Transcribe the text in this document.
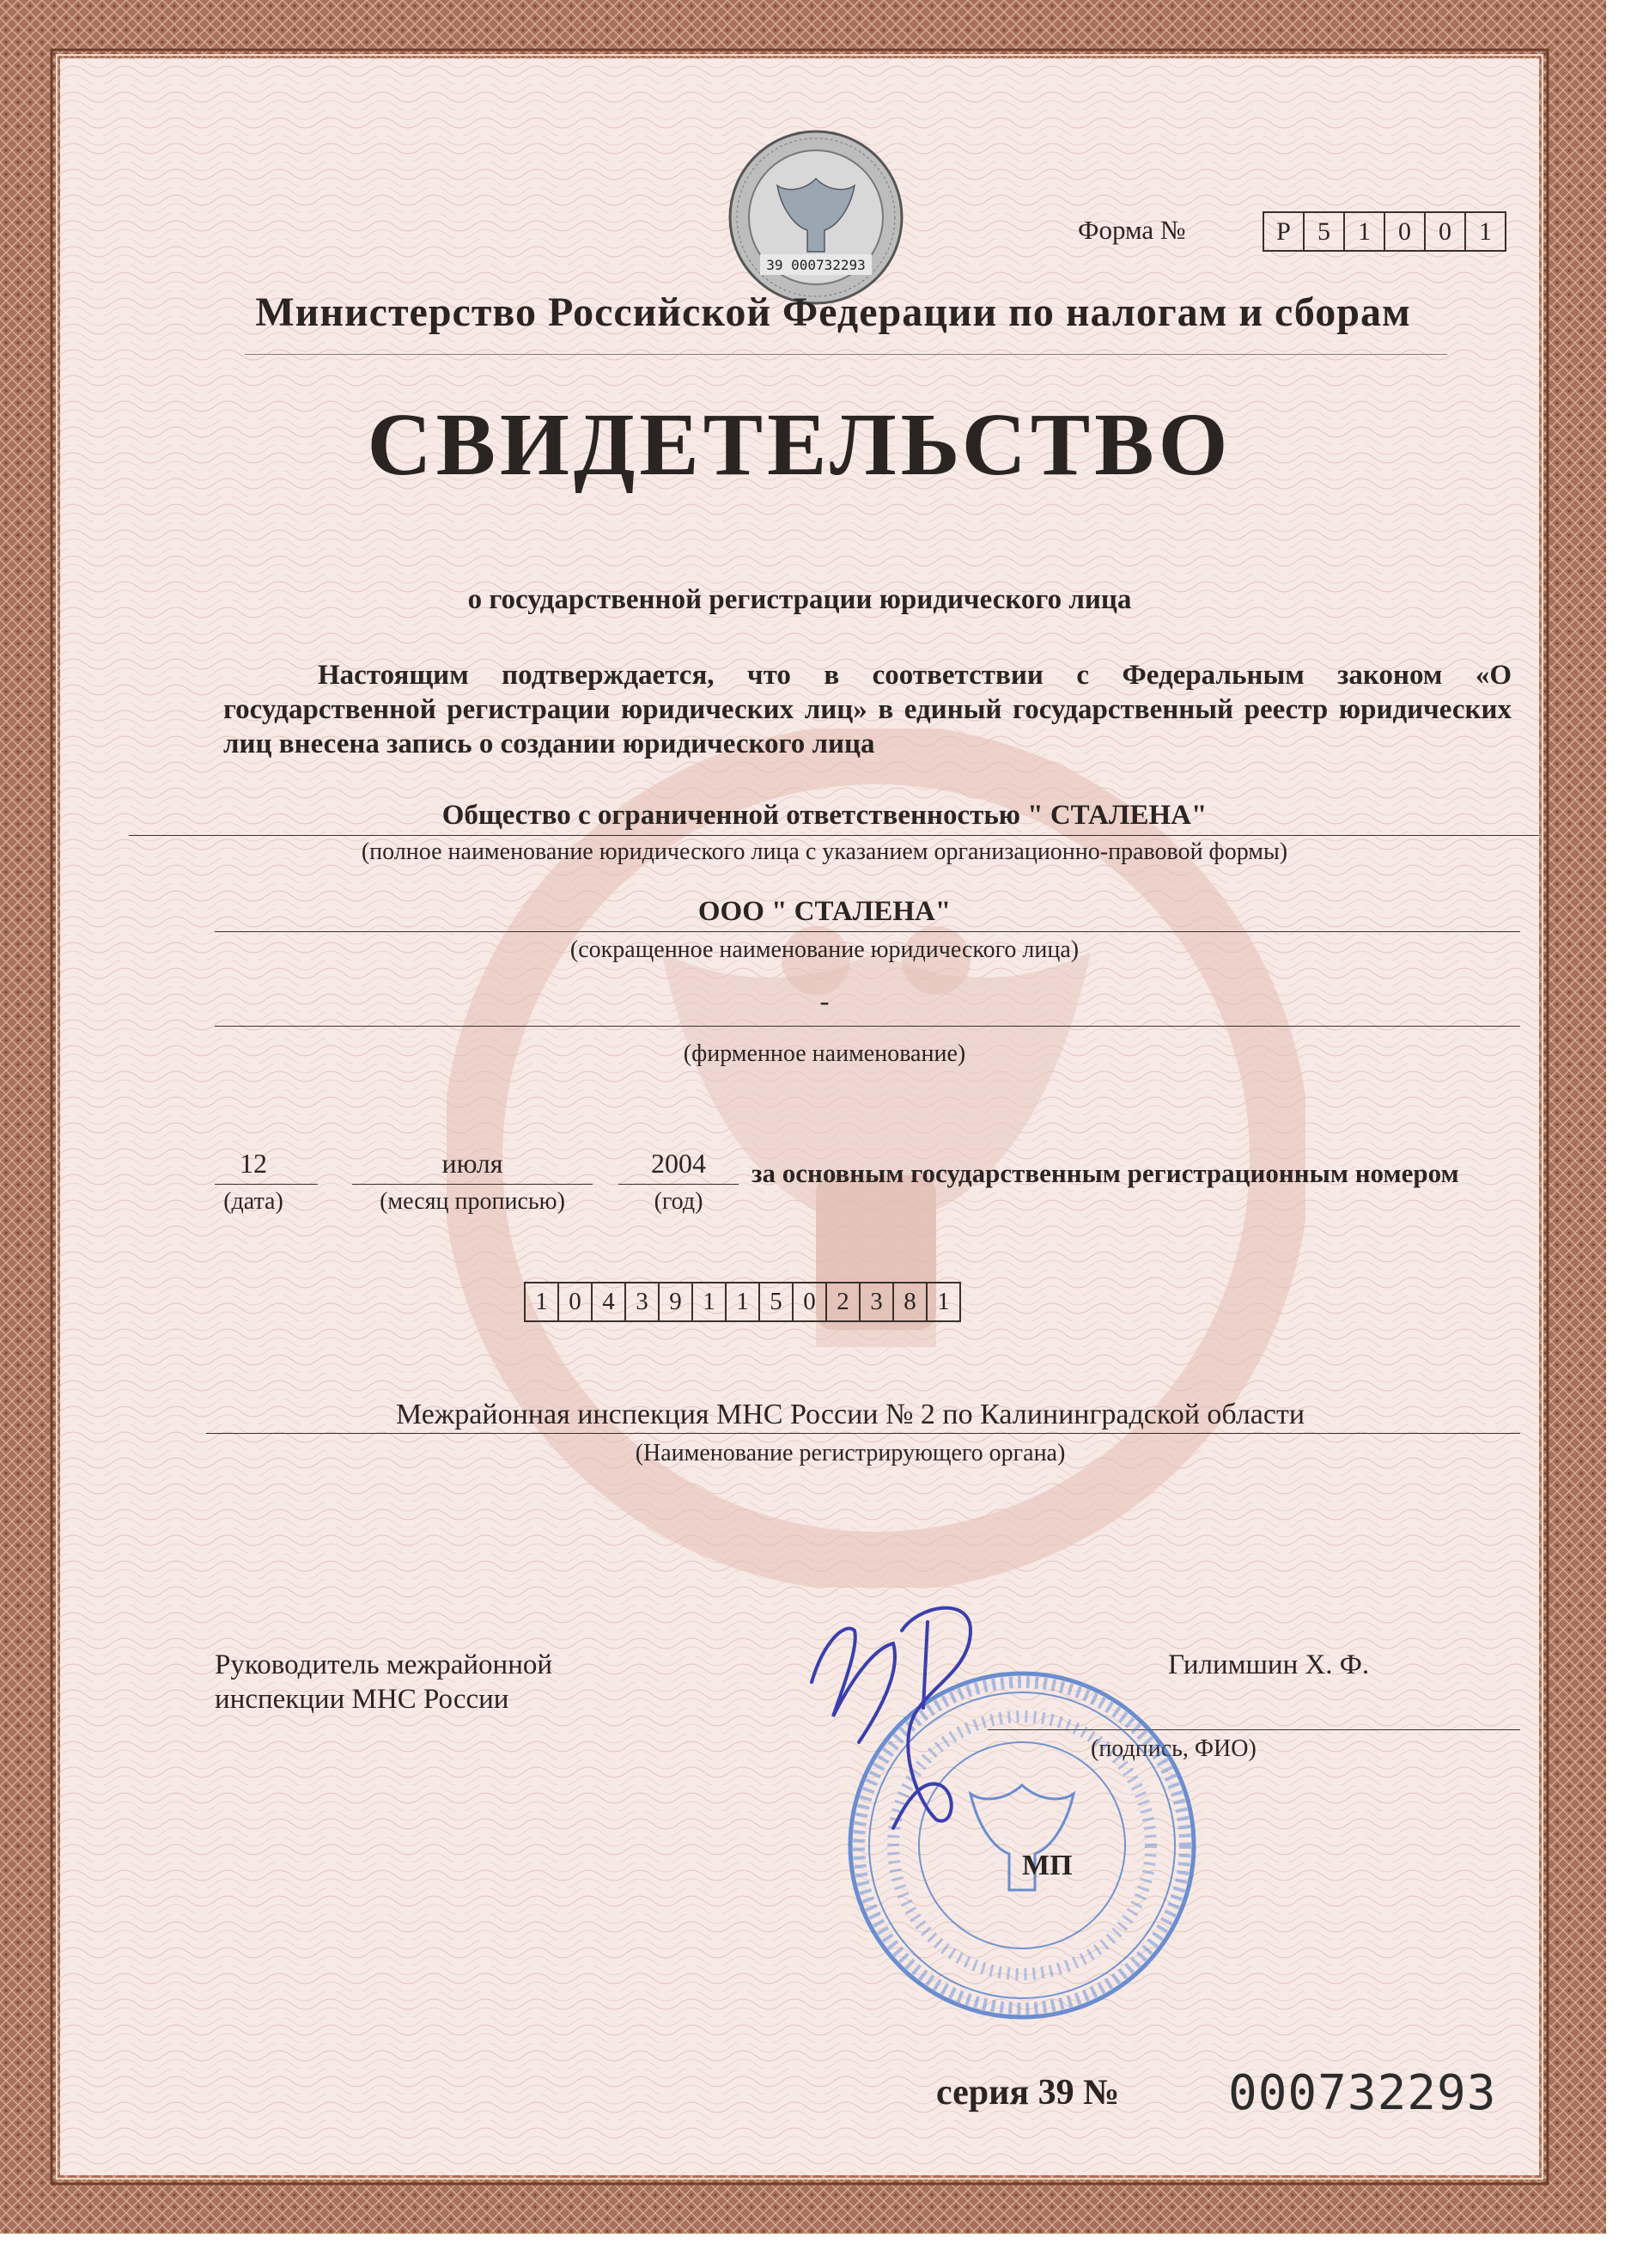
39 000732293
Форма №	Р	5	1	0	0	1
Министерство Российской Федерации по налогам и сборам
СВИДЕТЕЛЬСТВО
о государственной регистрации юридического лица
Настоящим подтверждается, что в соответствии с Федеральным законом «О государственной регистрации юридических лиц» в единый государственный реестр юридических лиц внесена запись о создании юридического лица
Общество с ограниченной ответственностью " СТАЛЕНА"
(полное наименование юридического лица с указанием организационно-правовой формы)
ООО " СТАЛЕНА"
(сокращенное наименование юридического лица)
-
(фирменное наименование)
12
(дата)
июля
(месяц прописью)
2004
(год)
за основным государственным регистрационным номером
1 0 4 3 9 1 1 5 0 2 3 8 1
Межрайонная инспекция МНС России № 2 по Калининградской области
(Наименование регистрирующего органа)
Руководитель межрайонной
инспекции МНС России
Гилимшин Х. Ф.
(подпись, ФИО)
МП
серия 39 № 000732293
